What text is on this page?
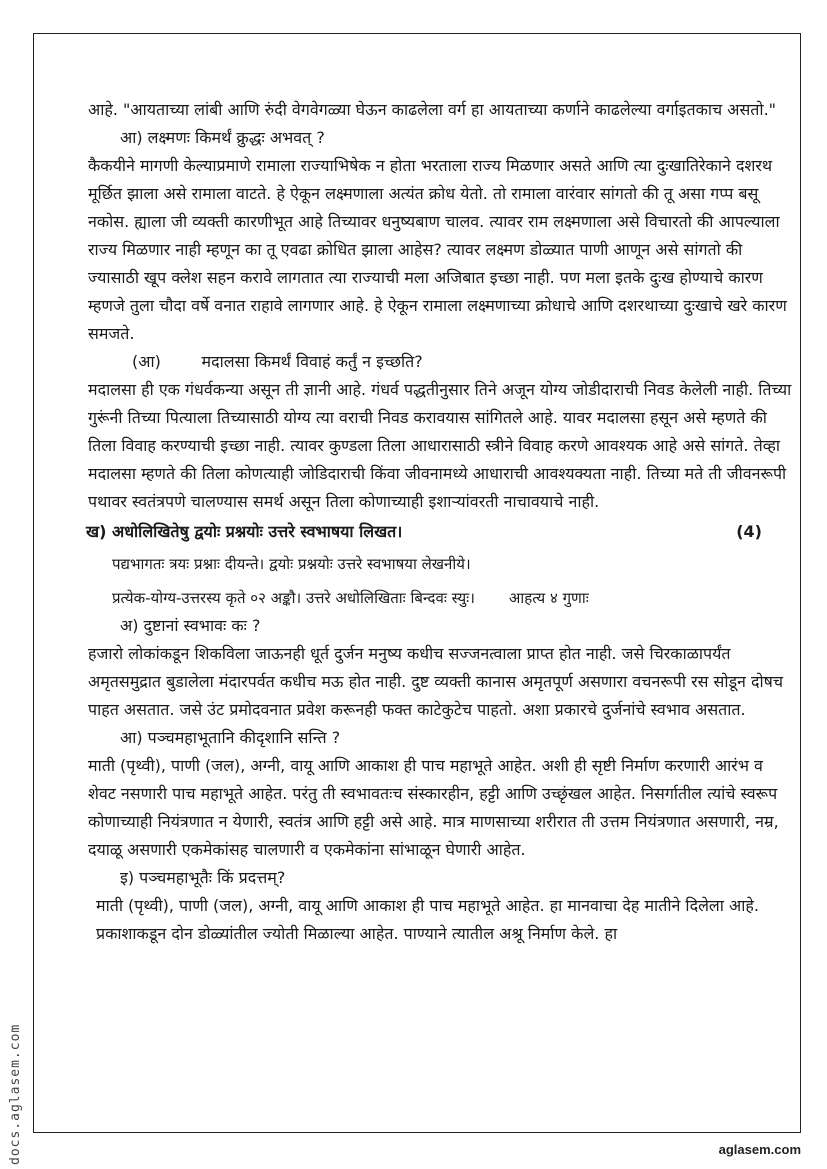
आहे. "आयताच्या लांबी आणि रुंदी वेगवेगळ्या घेऊन काढलेला वर्ग हा आयताच्या कर्णाने काढलेल्या वर्गाइतकाच असतो."

आ) लक्ष्मणः किमर्थं क्रुद्धः अभवत् ?

कैकयीने मागणी केल्याप्रमाणे रामाला राज्याभिषेक न होता भरताला राज्य मिळणार असते आणि त्या दुःखातिरेकाने दशरथ मूर्छित झाला असे रामाला वाटते. हे ऐकून लक्ष्मणाला अत्यंत क्रोध येतो. तो रामाला वारंवार सांगतो की तू असा गप्प बसू नकोस. ह्याला जी व्यक्ती कारणीभूत आहे तिच्यावर धनुष्यबाण चालव. त्यावर राम लक्ष्मणाला असे विचारतो की आपल्याला राज्य मिळणार नाही म्हणून का तू एवढा क्रोधित झाला आहेस? त्यावर लक्ष्मण डोळ्यात पाणी आणून असे सांगतो की ज्यासाठी खूप क्लेश सहन करावे लागतात त्या राज्याची मला अजिबात इच्छा नाही. पण मला इतके दुःख होण्याचे कारण म्हणजे तुला चौदा वर्षे वनात राहावे लागणार आहे. हे ऐकून रामाला लक्ष्मणाच्या क्रोधाचे आणि दशरथाच्या दुःखाचे खरे कारण समजते.

(आ)	मदालसा किमर्थं विवाहं कर्तुं न इच्छति?

मदालसा ही एक गंधर्वकन्या असून ती ज्ञानी आहे. गंधर्व पद्धतीनुसार तिने अजून योग्य जोडीदाराची निवड केलेली नाही. तिच्या गुरूंनी तिच्या पित्याला तिच्यासाठी योग्य त्या वराची निवड करावयास सांगितले आहे. यावर मदालसा हसून असे म्हणते की तिला विवाह करण्याची इच्छा नाही. त्यावर कुण्डला तिला आधारासाठी स्त्रीने विवाह करणे आवश्यक आहे असे सांगते. तेव्हा मदालसा म्हणते की तिला कोणत्याही जोडिदाराची किंवा जीवनामध्ये आधाराची आवश्यक्यता नाही. तिच्या मते ती जीवनरूपी पथावर स्वतंत्रपणे चालण्यास समर्थ असून तिला कोणाच्याही इशाऱ्यांवरती नाचावयाचे नाही.

ख) अधोलिखितेषु द्वयोः प्रश्नयोः उत्तरे स्वभाषया लिखत।	(4)

पद्यभागतः त्रयः प्रश्नाः दीयन्ते। द्वयोः प्रश्नयोः उत्तरे स्वभाषया लेखनीये।

प्रत्येक-योग्य-उत्तरस्य कृते ०२ अङ्कौ। उत्तरे अधोलिखिताः बिन्दवः स्युः। आहत्य ४ गुणाः

अ) दुष्टानां स्वभावः कः ?

हजारो लोकांकडून शिकविला जाऊनही धूर्त दुर्जन मनुष्य कधीच सज्जनत्वाला प्राप्त होत नाही. जसे चिरकाळापर्यंत अमृतसमुद्रात बुडालेला मंदारपर्वत कधीच मऊ होत नाही. दुष्ट व्यक्ती कानास अमृतपूर्ण असणारा वचनरूपी रस सोडून दोषच पाहत असतात. जसे उंट प्रमोदवनात प्रवेश करूनही फक्त काटेकुटेच पाहतो. अशा प्रकारचे दुर्जनांचे स्वभाव असतात.

आ) पञ्चमहाभूतानि कीदृशानि सन्ति ?

माती (पृथ्वी), पाणी (जल), अग्नी, वायू आणि आकाश ही पाच महाभूते आहेत. अशी ही सृष्टी निर्माण करणारी आरंभ व शेवट नसणारी पाच महाभूते आहेत. परंतु ती स्वभावतःच संस्कारहीन, हट्टी आणि उच्छृंखल आहेत. निसर्गातील त्यांचे स्वरूप कोणाच्याही नियंत्रणात न येणारी, स्वतंत्र आणि हट्टी असे आहे. मात्र माणसाच्या शरीरात ती उत्तम नियंत्रणात असणारी, नम्र, दयाळू असणारी एकमेकांसह चालणारी व एकमेकांना सांभाळून घेणारी आहेत.

इ) पञ्चमहाभूतैः किं प्रदत्तम्?

माती (पृथ्वी), पाणी (जल), अग्नी, वायू आणि आकाश ही पाच महाभूते आहेत. हा मानवाचा देह मातीने दिलेला आहे. प्रकाशाकडून दोन डोळ्यांतील ज्योती मिळाल्या आहेत. पाण्याने त्यातील अश्रू निर्माण केले. हा

docs.aglasem.com	aglasem.com
